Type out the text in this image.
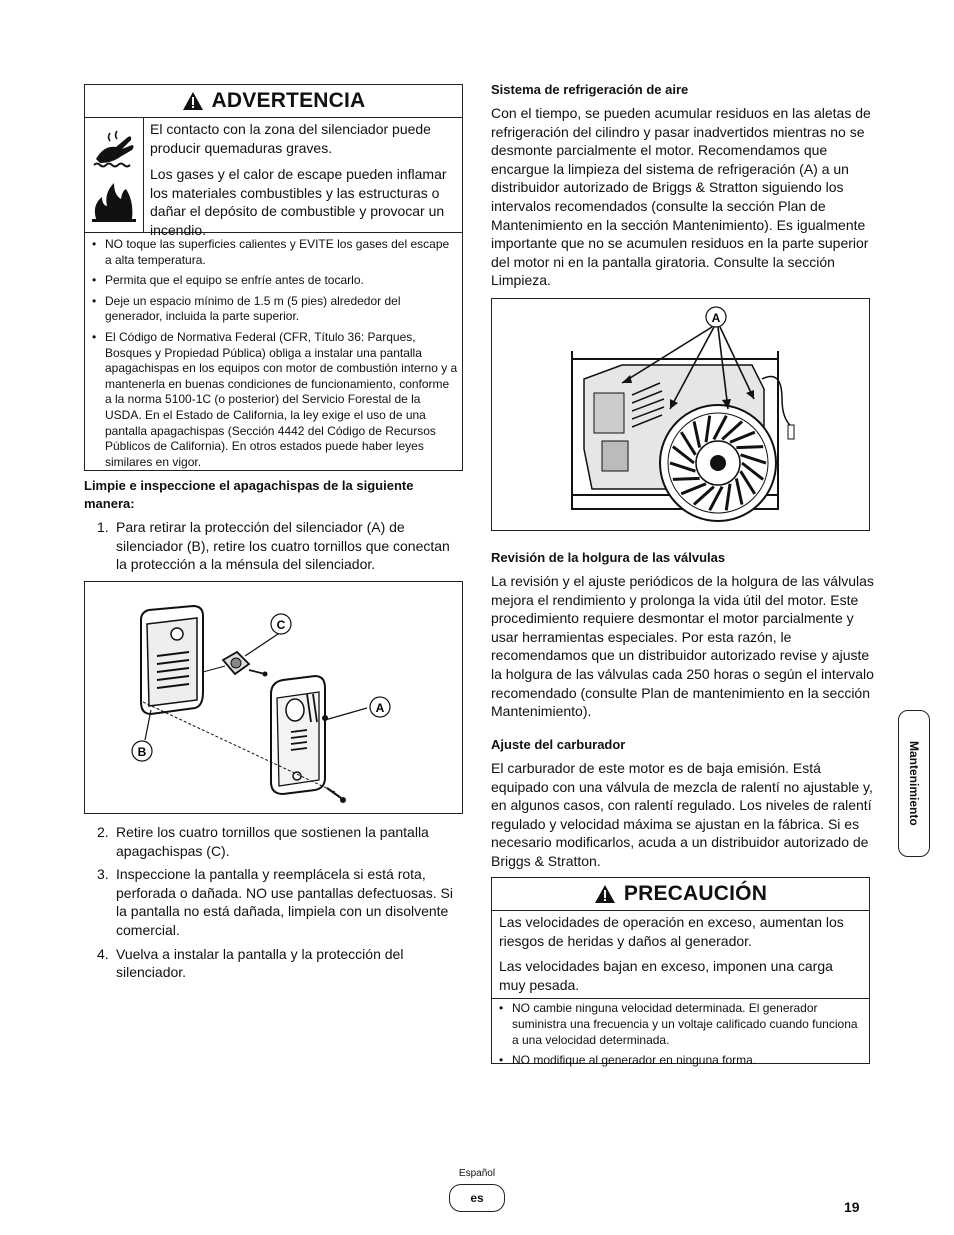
ADVERTENCIA

El contacto con la zona del silenciador puede producir quemaduras graves.

Los gases y el calor de escape pueden inflamar los materiales combustibles y las estructuras o dañar el depósito de combustible y provocar un incendio.

• NO toque las superficies calientes y EVITE los gases del escape a alta temperatura.

• Permita que el equipo se enfríe antes de tocarlo.

• Deje un espacio mínimo de 1.5 m (5 pies) alrededor del generador, incluida la parte superior.

• El Código de Normativa Federal (CFR, Título 36: Parques, Bosques y Propiedad Pública) obliga a instalar una pantalla apagachispas en los equipos con motor de combustión interno y a mantenerla en buenas condiciones de funcionamiento, conforme a la norma 5100-1C (o posterior) del Servicio Forestal de la USDA. En el Estado de California, la ley exige el uso de una pantalla apagachispas (Sección 4442 del Código de Recursos Públicos de California). En otros estados puede haber leyes similares en vigor.

Limpie e inspeccione el apagachispas de la siguiente manera:

1. Para retirar la protección del silenciador (A) de silenciador (B), retire los cuatro tornillos que conectan la protección a la ménsula del silenciador.

C
A
B

2. Retire los cuatro tornillos que sostienen la pantalla apagachispas (C).

3. Inspeccione la pantalla y reemplácela si está rota, perforada o dañada. NO use pantallas defectuosas. Si la pantalla no está dañada, limpiela con un disolvente comercial.

4. Vuelva a instalar la pantalla y la protección del silenciador.

Sistema de refrigeración de aire

Con el tiempo, se pueden acumular residuos en las aletas de refrigeración del cilindro y pasar inadvertidos mientras no se desmonte parcialmente el motor. Recomendamos que encargue la limpieza del sistema de refrigeración (A) a un distribuidor autorizado de Briggs & Stratton siguiendo los intervalos recomendados (consulte la sección Plan de Mantenimiento en la sección Mantenimiento). Es igualmente importante que no se acumulen residuos en la parte superior del motor ni en la pantalla giratoria. Consulte la sección Limpieza.

A

Revisión de la holgura de las válvulas

La revisión y el ajuste periódicos de la holgura de las válvulas mejora el rendimiento y prolonga la vida útil del motor. Este procedimiento requiere desmontar el motor parcialmente y usar herramientas especiales. Por esta razón, le recomendamos que un distribuidor autorizado revise y ajuste la holgura de las válvulas cada 250 horas o según el intervalo recomendado (consulte Plan de mantenimiento en la sección Mantenimiento).

Ajuste del carburador

El carburador de este motor es de baja emisión. Está equipado con una válvula de mezcla de ralentí no ajustable y, en algunos casos, con ralentí regulado. Los niveles de ralentí regulado y velocidad máxima se ajustan en la fábrica. Si es necesario modificarlos, acuda a un distribuidor autorizado de Briggs & Stratton.

PRECAUCIÓN

Las velocidades de operación en exceso, aumentan los riesgos de heridas y daños al generador.

Las velocidades bajan en exceso, imponen una carga muy pesada.

• NO cambie ninguna velocidad determinada. El generador suministra una frecuencia y un voltaje calificado cuando funciona a una velocidad determinada.

• NO modifique al generador en ninguna forma.

Mantenimiento
Español
es
19
